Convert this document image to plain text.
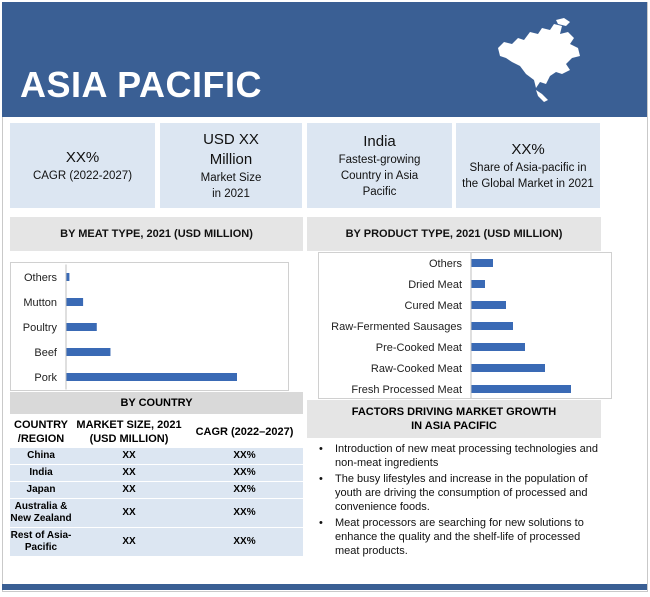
ASIA PACIFIC
XX%
CAGR (2022-2027)
USD XX Million
Market Size in 2021
India
Fastest-growing Country in Asia Pacific
XX%
Share of Asia-pacific in the Global Market in 2021
BY MEAT TYPE, 2021 (USD MILLION)	BY PRODUCT TYPE, 2021 (USD MILLION)
Others
Mutton
Poultry
Beef
Pork
Others
Dried Meat
Cured Meat
Raw-Fermented Sausages
Pre-Cooked Meat
Raw-Cooked Meat
Fresh Processed Meat
BY COUNTRY
COUNTRY /REGION	MARKET SIZE, 2021 (USD MILLION)	CAGR (2022–2027)
China	XX	XX%
India	XX	XX%
Japan	XX	XX%
Australia & New Zealand	XX	XX%
Rest of Asia-Pacific	XX	XX%
FACTORS DRIVING MARKET GROWTH
IN ASIA PACIFIC
• Introduction of new meat processing technologies and non-meat ingredients
• The busy lifestyles and increase in the population of youth are driving the consumption of processed and convenience foods.
• Meat processors are searching for new solutions to enhance the quality and the shelf-life of processed meat products.
